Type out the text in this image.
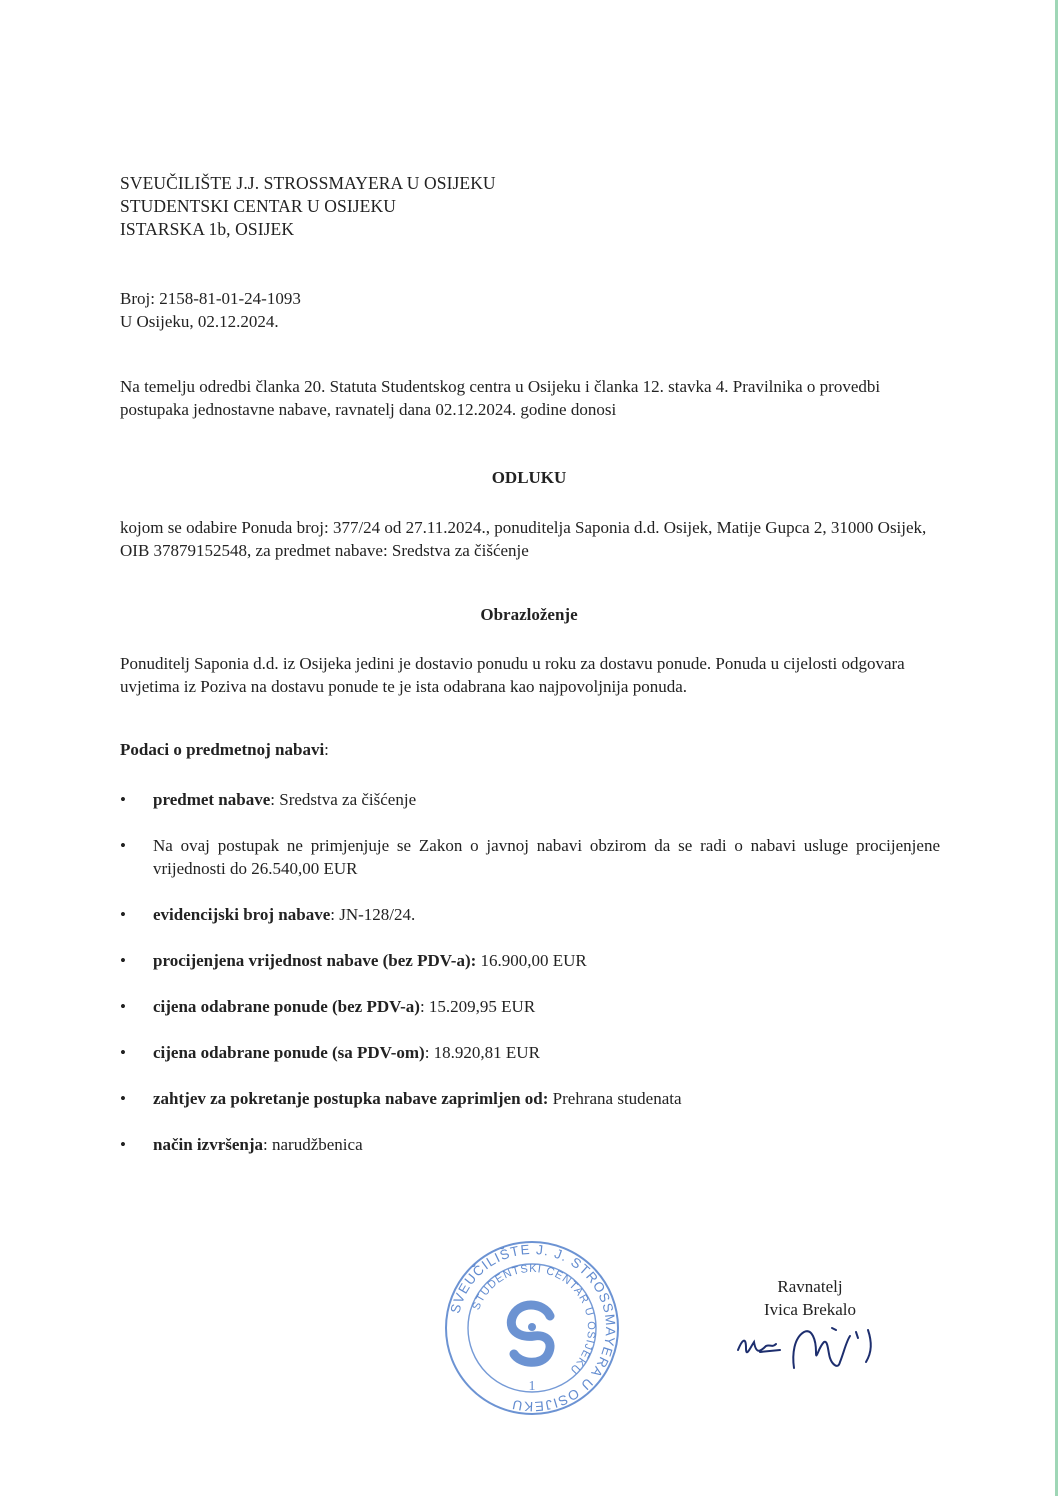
SVEUČILIŠTE J.J. STROSSMAYERA U OSIJEKU
STUDENTSKI CENTAR U OSIJEKU
ISTARSKA 1b, OSIJEK
Broj: 2158-81-01-24-1093
U Osijeku, 02.12.2024.
Na temelju odredbi članka 20. Statuta Studentskog centra u Osijeku i članka 12. stavka 4. Pravilnika o provedbi postupaka jednostavne nabave, ravnatelj dana 02.12.2024. godine donosi
ODLUKU
kojom se odabire Ponuda broj: 377/24 od 27.11.2024., ponuditelja Saponia d.d. Osijek, Matije Gupca 2, 31000 Osijek, OIB 37879152548, za predmet nabave: Sredstva za čišćenje
Obrazloženje
Ponuditelj Saponia d.d. iz Osijeka jedini je dostavio ponudu u roku za dostavu ponude. Ponuda u cijelosti odgovara uvjetima iz Poziva na dostavu ponude te je ista odabrana kao najpovoljnija ponuda.
Podaci o predmetnoj nabavi:
• predmet nabave: Sredstva za čišćenje
• Na ovaj postupak ne primjenjuje se Zakon o javnoj nabavi obzirom da se radi o nabavi usluge procijenjene vrijednosti do 26.540,00 EUR
• evidencijski broj nabave: JN-128/24.
• procijenjena vrijednost nabave (bez PDV-a): 16.900,00 EUR
• cijena odabrane ponude (bez PDV-a): 15.209,95 EUR
• cijena odabrane ponude (sa PDV-om): 18.920,81 EUR
• zahtjev za pokretanje postupka nabave zaprimljen od: Prehrana studenata
• način izvršenja: narudžbenica
SVEUČILIŠTE J. J. STROSSMAYERA U OSIJEKU
STUDENTSKI CENTAR U OSIJEKU
1
Ravnatelj
Ivica Brekalo
